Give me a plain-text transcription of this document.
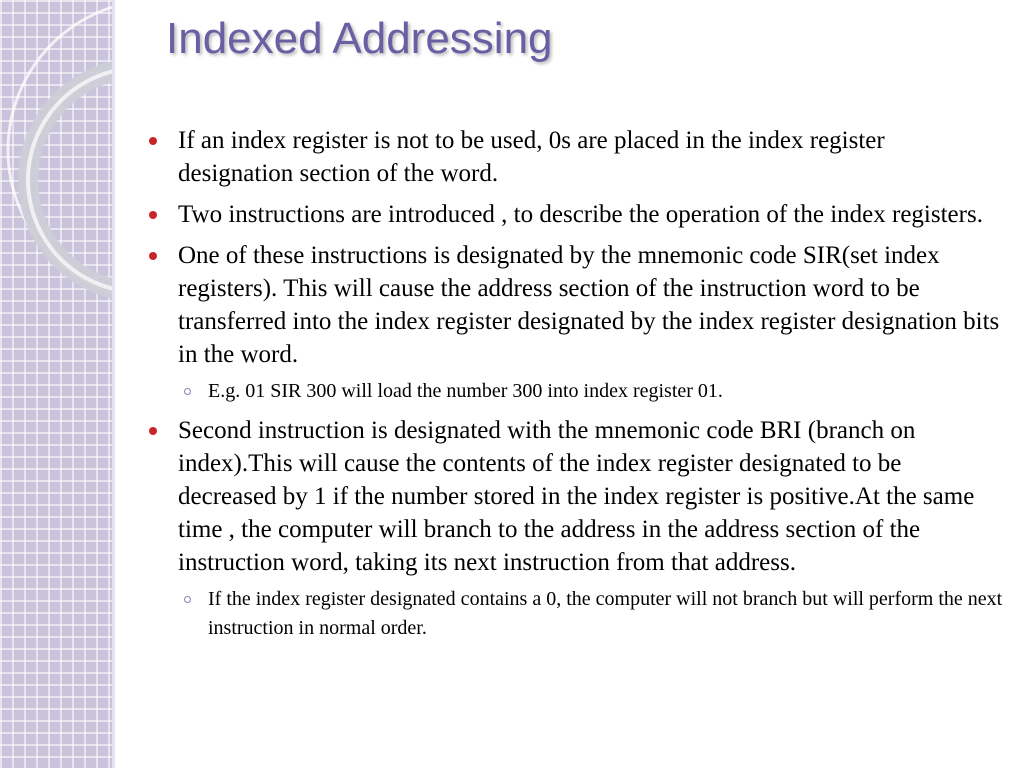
Indexed Addressing
If an index register is not to be used, 0s are placed in the index register designation section of the word.
Two instructions are introduced , to describe the operation of the index registers.
One of these instructions is designated by the mnemonic code SIR(set index registers). This will cause the address section of the instruction word to be transferred into the index register designated by the index register designation bits in the word.
E.g. 01 SIR 300 will load the number 300 into index register 01.
Second instruction is designated with the mnemonic code BRI (branch on index).This will cause the contents of the index register designated to be decreased by 1 if the number stored in the index register is positive.At the same time , the computer will branch to the address in the address section of the instruction word, taking its next instruction from that address.
If the index register designated contains a 0, the computer will not branch but will perform the next instruction in normal order.
